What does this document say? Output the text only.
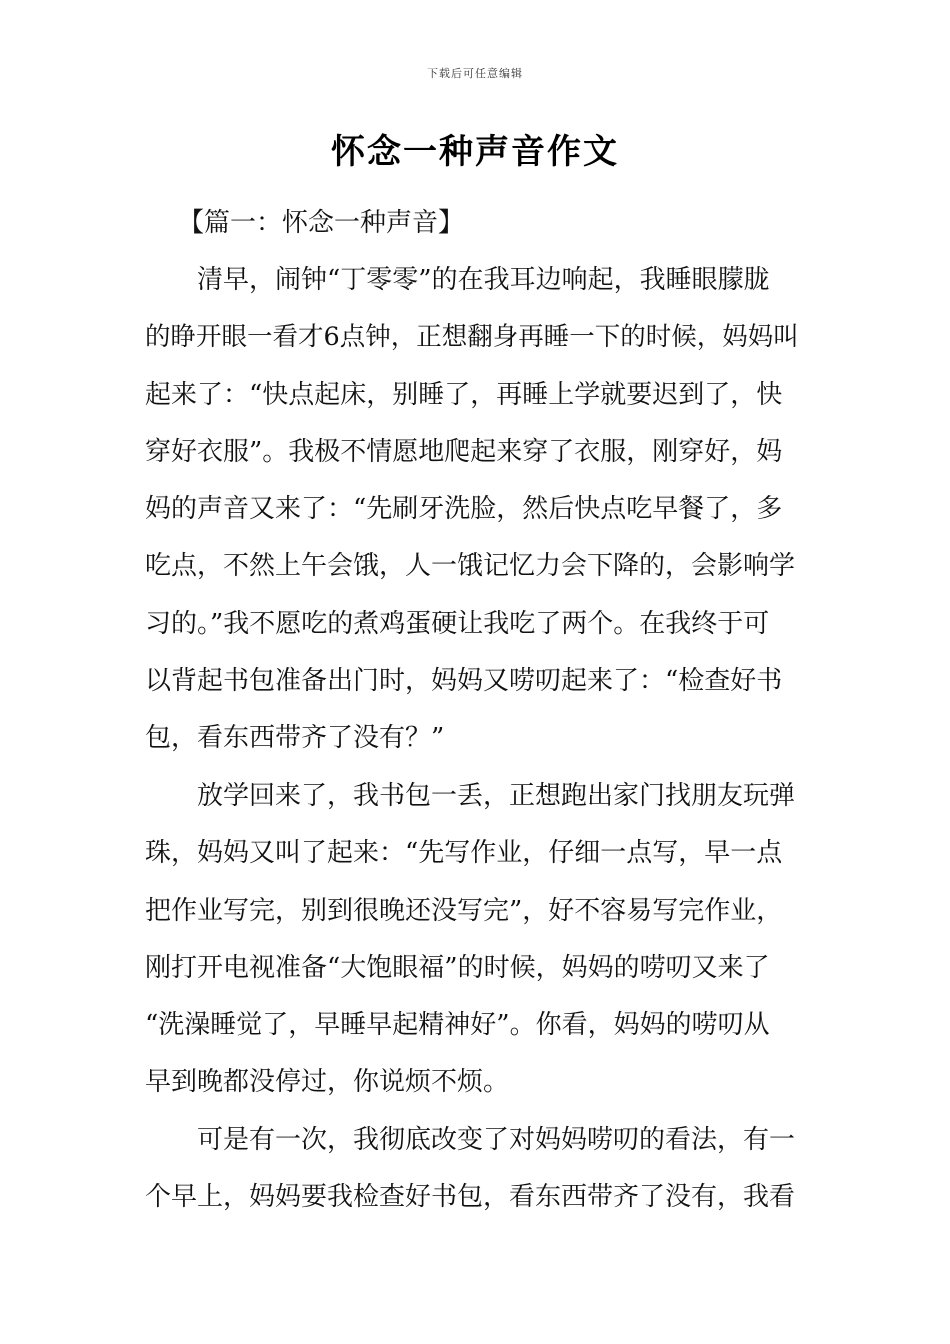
下载后可任意编辑
怀念一种声音作文
【篇一：怀念一种声音】
清早，闹钟“丁零零”的在我耳边响起，我睡眼朦胧
的睁开眼一看才6点钟，正想翻身再睡一下的时候，妈妈叫
起来了：“快点起床，别睡了，再睡上学就要迟到了，快
穿好衣服”。我极不情愿地爬起来穿了衣服，刚穿好，妈
妈的声音又来了：“先刷牙洗脸，然后快点吃早餐了，多
吃点，不然上午会饿，人一饿记忆力会下降的，会影响学
习的。”我不愿吃的煮鸡蛋硬让我吃了两个。在我终于可
以背起书包准备出门时，妈妈又唠叨起来了：“检查好书
包，看东西带齐了没有？”
放学回来了，我书包一丢，正想跑出家门找朋友玩弹
珠，妈妈又叫了起来：“先写作业，仔细一点写，早一点
把作业写完，别到很晚还没写完”，好不容易写完作业，
刚打开电视准备“大饱眼福”的时候，妈妈的唠叨又来了
“洗澡睡觉了，早睡早起精神好”。你看，妈妈的唠叨从
早到晚都没停过，你说烦不烦。
可是有一次，我彻底改变了对妈妈唠叨的看法，有一
个早上，妈妈要我检查好书包，看东西带齐了没有，我看
